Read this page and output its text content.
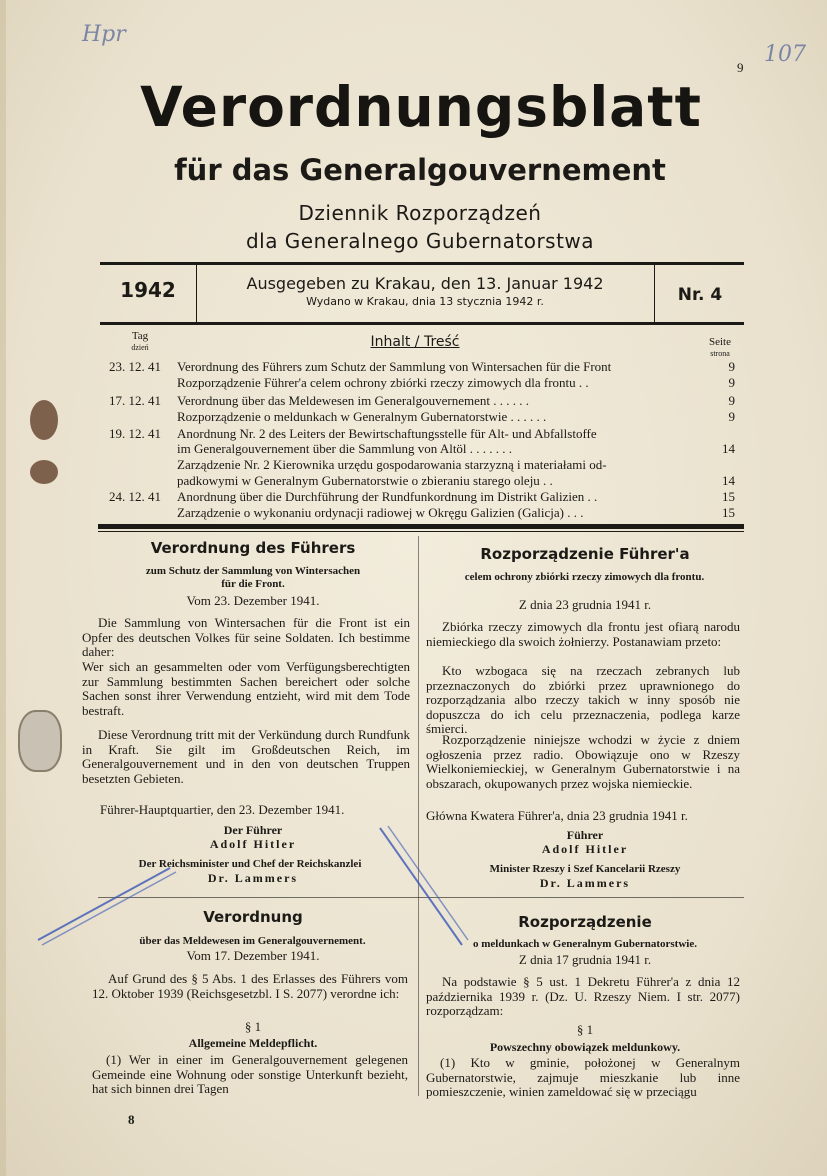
Hpr
107
9
Verordnungsblatt
für das Generalgouvernement
Dziennik Rozporządzeń
dla Generalnego Gubernatorstwa
1942	Ausgegeben zu Krakau, den 13. Januar 1942
Wydano w Krakau, dnia 13 stycznia 1942 r.	Nr. 4
Tag
dzień	Inhalt / Treść	Seite
strona
23. 12. 41	Verordnung des Führers zum Schutz der Sammlung von Wintersachen für die Front	9
Rozporządzenie Führer'a celem ochrony zbiórki rzeczy zimowych dla frontu . .	9
17. 12. 41	Verordnung über das Meldewesen im Generalgouvernement . . . . . .	9
Rozporządzenie o meldunkach w Generalnym Gubernatorstwie . . . . . .	9
19. 12. 41	Anordnung Nr. 2 des Leiters der Bewirtschaftungsstelle für Alt- und Abfallstoffe
im Generalgouvernement über die Sammlung von Altöl . . . . . . .	14
Zarządzenie Nr. 2 Kierownika urzędu gospodarowania starzyzną i materiałami od-
padkowymi w Generalnym Gubernatorstwie o zbieraniu starego oleju . .	14
24. 12. 41	Anordnung über die Durchführung der Rundfunkordnung im Distrikt Galizien . .	15
Zarządzenie o wykonaniu ordynacji radiowej w Okręgu Galizien (Galicja) . . .	15
Verordnung des Führers
zum Schutz der Sammlung von Wintersachen
für die Front.
Vom 23. Dezember 1941.

Die Sammlung von Wintersachen für die Front ist ein Opfer des deutschen Volkes für seine Soldaten. Ich bestimme daher:

Wer sich an gesammelten oder vom Verfügungsberechtigten zur Sammlung bestimmten Sachen bereichert oder solche Sachen sonst ihrer Verwendung entzieht, wird mit dem Tode bestraft.

Diese Verordnung tritt mit der Verkündung durch Rundfunk in Kraft. Sie gilt im Großdeutschen Reich, im Generalgouvernement und in den von deutschen Truppen besetzten Gebieten.

Führer-Hauptquartier, den 23. Dezember 1941.
Der Führer
Adolf Hitler
Der Reichsminister und Chef der Reichskanzlei
Dr. Lammers
Verordnung
über das Meldewesen im Generalgouvernement.
Vom 17. Dezember 1941.

Auf Grund des § 5 Abs. 1 des Erlasses des Führers vom 12. Oktober 1939 (Reichsgesetzbl. I S. 2077) verordne ich:

§ 1
Allgemeine Meldepflicht.

(1) Wer in einer im Generalgouvernement gelegenen Gemeinde eine Wohnung oder sonstige Unterkunft bezieht, hat sich binnen drei Tagen

Rozporządzenie Führer'a
celem ochrony zbiórki rzeczy zimowych dla frontu.
Z dnia 23 grudnia 1941 r.

Zbiórka rzeczy zimowych dla frontu jest ofiarą narodu niemieckiego dla swoich żołnierzy. Postanawiam przeto:

Kto wzbogaca się na rzeczach zebranych lub przeznaczonych do zbiórki przez uprawnionego do rozporządzania albo rzeczy takich w inny sposób nie dopuszcza do ich celu przeznaczenia, podlega karze śmierci.

Rozporządzenie niniejsze wchodzi w życie z dniem ogłoszenia przez radio. Obowiązuje ono w Rzeszy Wielkoniemieckiej, w Generalnym Gubernatorstwie i na obszarach, okupowanych przez wojska niemieckie.

Główna Kwatera Führer'a, dnia 23 grudnia 1941 r.
Führer
Adolf Hitler
Minister Rzeszy i Szef Kancelarii Rzeszy
Dr. Lammers
Rozporządzenie
o meldunkach w Generalnym Gubernatorstwie.
Z dnia 17 grudnia 1941 r.

Na podstawie § 5 ust. 1 Dekretu Führer'a z dnia 12 października 1939 r. (Dz. U. Rzeszy Niem. I str. 2077) rozporządzam:

§ 1
Powszechny obowiązek meldunkowy.

(1) Kto w gminie, położonej w Generalnym Gubernatorstwie, zajmuje mieszkanie lub inne pomieszczenie, winien zameldować się w przeciągu

8
